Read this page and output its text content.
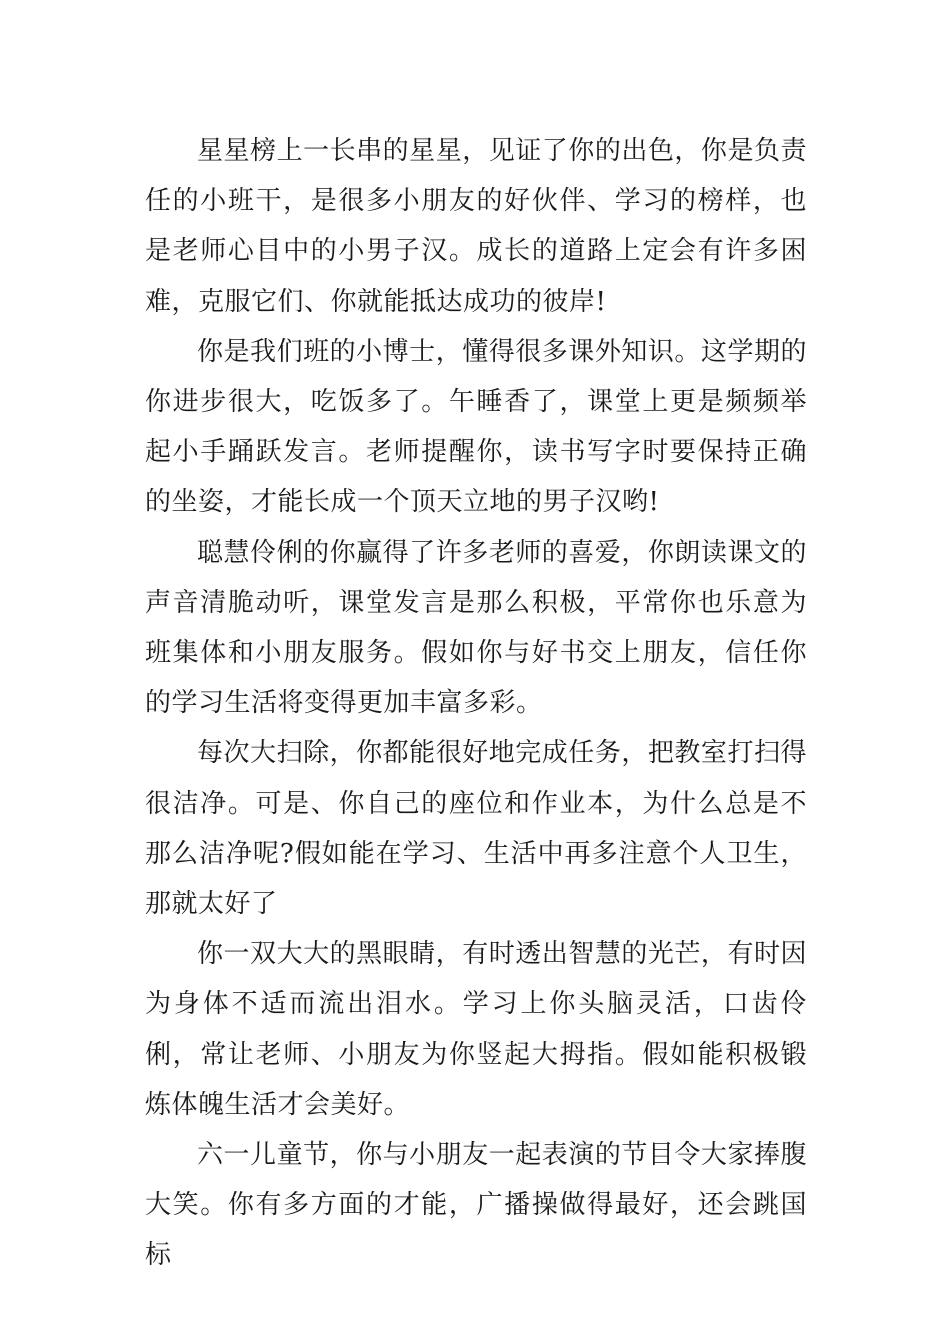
星星榜上一长串的星星，见证了你的出色，你是负责任的小班干，是很多小朋友的好伙伴、学习的榜样，也是老师心目中的小男子汉。成长的道路上定会有许多困难，克服它们、你就能抵达成功的彼岸!

你是我们班的小博士，懂得很多课外知识。这学期的你进步很大，吃饭多了。午睡香了，课堂上更是频频举起小手踊跃发言。老师提醒你，读书写字时要保持正确的坐姿，才能长成一个顶天立地的男子汉哟!

聪慧伶俐的你赢得了许多老师的喜爱，你朗读课文的声音清脆动听，课堂发言是那么积极，平常你也乐意为班集体和小朋友服务。假如你与好书交上朋友，信任你的学习生活将变得更加丰富多彩。

每次大扫除，你都能很好地完成任务，把教室打扫得很洁净。可是、你自己的座位和作业本，为什么总是不那么洁净呢?假如能在学习、生活中再多注意个人卫生，那就太好了

你一双大大的黑眼睛，有时透出智慧的光芒，有时因为身体不适而流出泪水。学习上你头脑灵活，口齿伶俐，常让老师、小朋友为你竖起大拇指。假如能积极锻炼体魄生活才会美好。

六一儿童节，你与小朋友一起表演的节目令大家捧腹大笑。你有多方面的才能，广播操做得最好，还会跳国标
